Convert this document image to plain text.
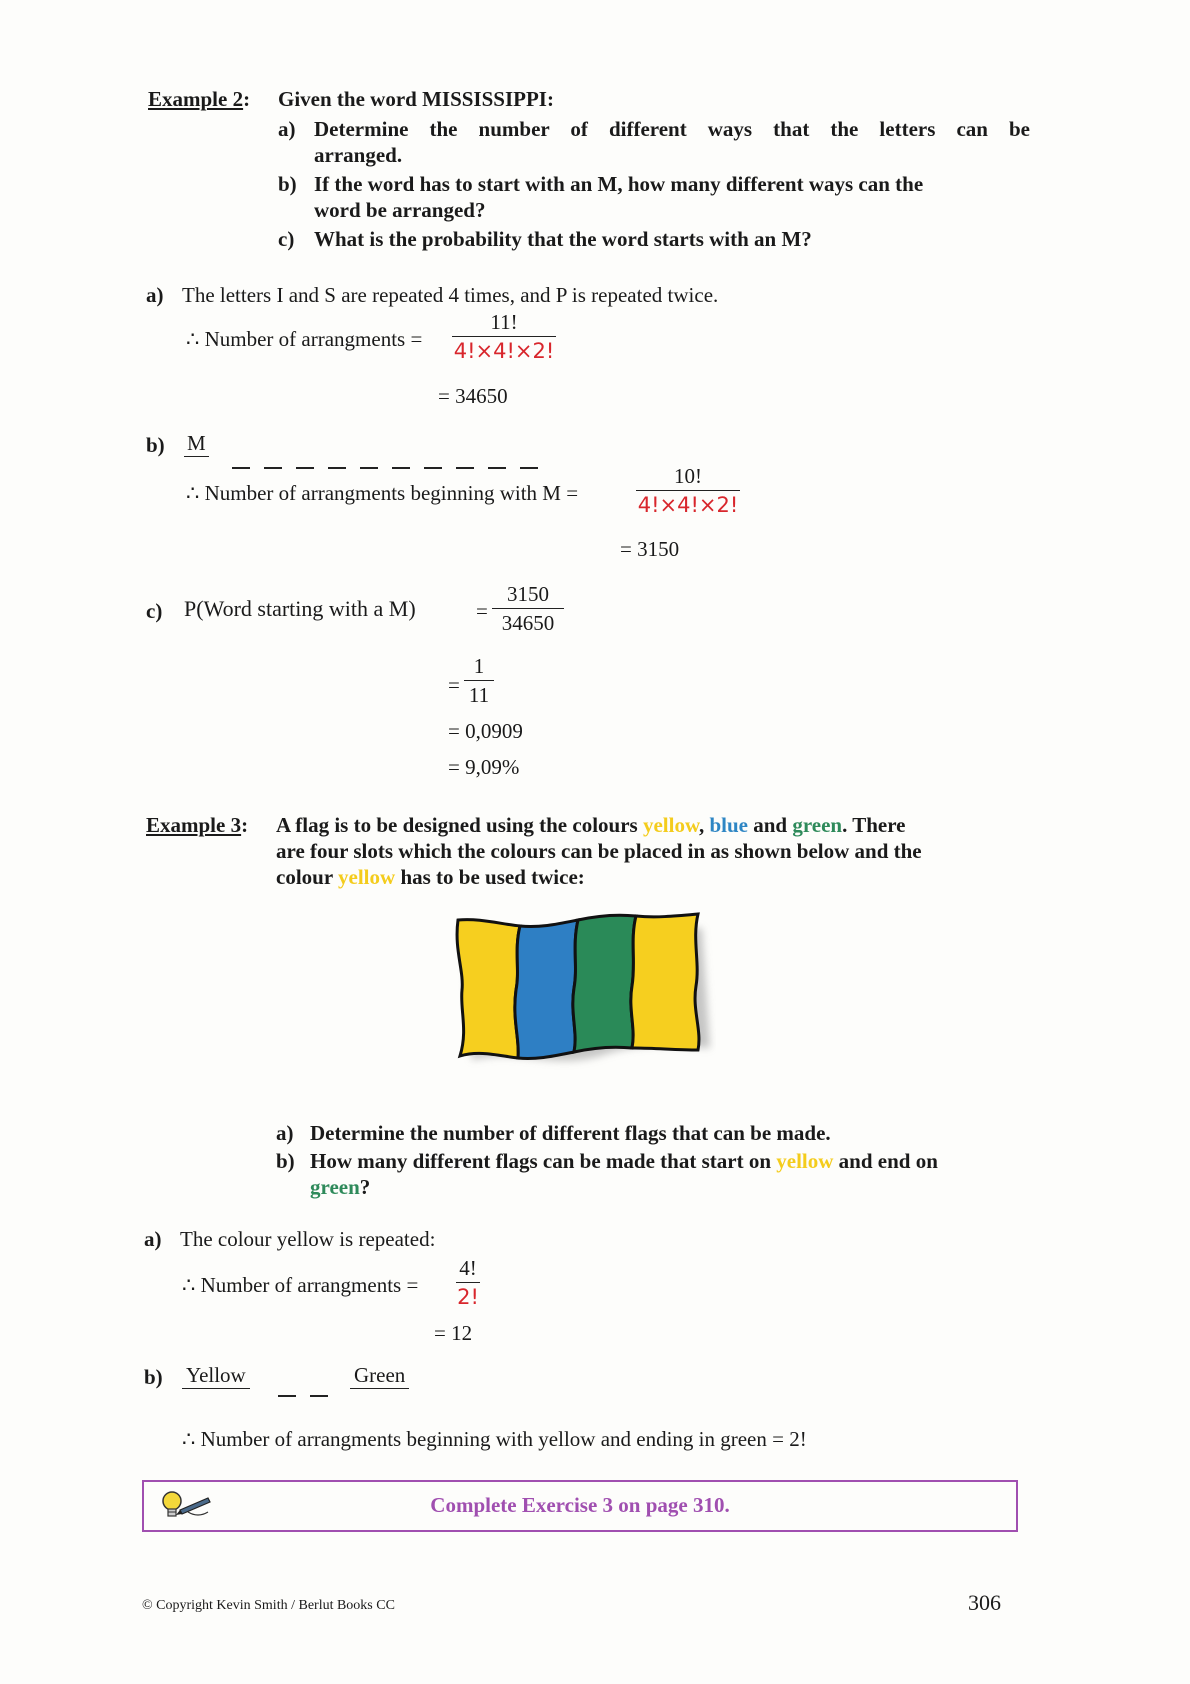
Example 2: Given the word MISSISSIPPI:
a) Determine the number of different ways that the letters can be
arranged.
b) If the word has to start with an M, how many different ways can the
word be arranged?
c) What is the probability that the word starts with an M?
a) The letters I and S are repeated 4 times, and P is repeated twice.
∴ Number of arrangments =
11!
4!×4!×2!
= 34650
b) M
∴ Number of arrangments beginning with M =
10!
4!×4!×2!
= 3150
c) P(Word starting with a M)	=
3150
34650
=
1
11
= 0,0909
= 9,09%
Example 3: A flag is to be designed using the colours yellow, blue and green. There
are four slots which the colours can be placed in as shown below and the
colour yellow has to be used twice:
a) Determine the number of different flags that can be made.
b) How many different flags can be made that start on yellow and end on
green?
a) The colour yellow is repeated:
∴ Number of arrangments =
4!
2!
= 12
b) Yellow	Green
∴ Number of arrangments beginning with yellow and ending in green = 2!
Complete Exercise 3 on page 310.
© Copyright Kevin Smith / Berlut Books CC	306
